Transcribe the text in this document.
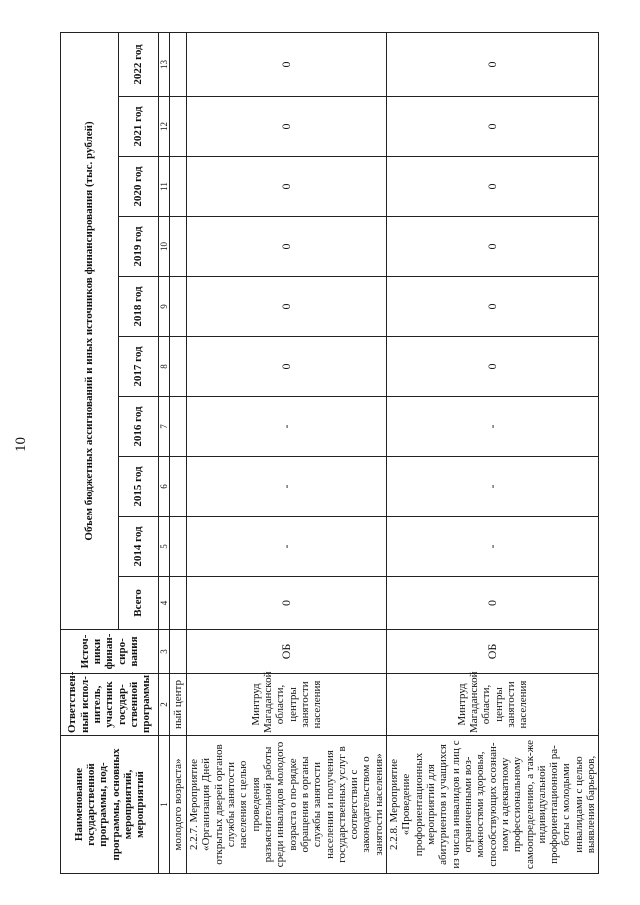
10
Наименование государственной программы, под-программы, основных мероприятий, мероприятий	Ответствен-ный испол-нитель, участник государ-ственной программы	Источ-ники финан-сиро-вания	Объем бюджетных ассигнований и иных источников финансирования (тыс. рублей)									
			Всего	2014 год	2015 год	2016 год	2017 год	2018 год	2019 год	2020 год	2021 год	2022 год
1	2	3	4	5	6	7	8	9	10	11	12	13
молодого возраста»	ный центр											
2.2.7. Мероприятие «Организация Дней открытых дверей органов службы занятости населения с целью проведения разъяснительной работы среди инвалидов молодого возраста о по-рядке обращения в органы службы занятости населения и получения государственных услуг в соответствии с законодательством о занятости населения»	Минтруд Магаданской области, центры занятости населения	ОБ	0	-	-	-	0	0	0	0	0	0
2.2.8. Мероприятие «Проведение профориентационных мероприятий для абитуриентов и учащихся из числа инвалидов и лиц с ограниченными воз-можностями здоровья, способствующих осознан-ному и адекватному профессиональному самоопределению, а так-же индивидуальной профориентационной ра-боты с молодыми инвалидами с целью выявления барьеров,	Минтруд Магаданской области, центры занятости населения	ОБ	0	-	-	-	0	0	0	0	0	0
